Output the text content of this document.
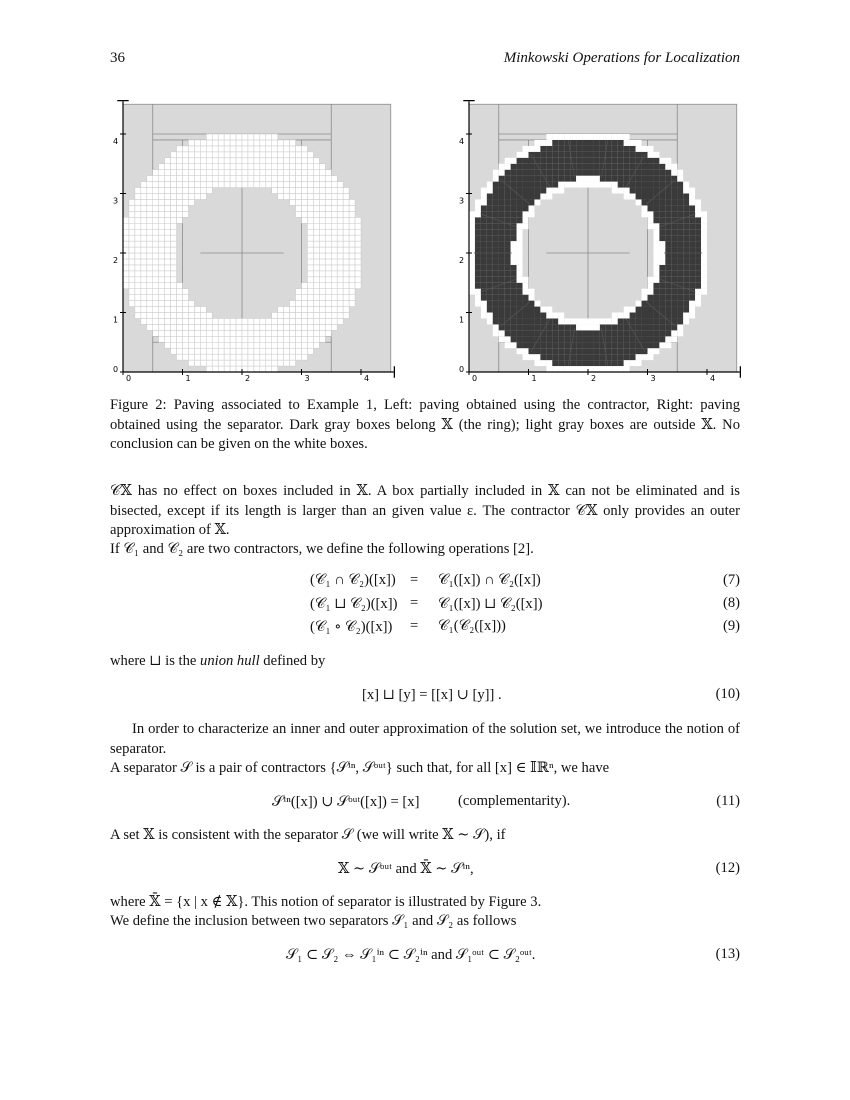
36	Minkowski Operations for Localization
0	1	2	3	4
0
1
2
3
4
0	1	2	3	4
0
1
2
3
4
Figure 2: Paving associated to Example 1, Left: paving obtained using the contractor, Right: paving obtained using the separator. Dark gray boxes belong 𝕏 (the ring); light gray boxes are outside 𝕏. No conclusion can be given on the white boxes.
𝒞𝕏 has no effect on boxes included in 𝕏. A box partially included in 𝕏 can not be eliminated and is bisected, except if its length is larger than an given value ε. The contractor 𝒞𝕏 only provides an outer approximation of 𝕏.
If 𝒞₁ and 𝒞₂ are two contractors, we define the following operations [2].
(𝒞₁ ∩ 𝒞₂)([x]) = 𝒞₁([x]) ∩ 𝒞₂([x])	(7)
(𝒞₁ ⊔ 𝒞₂)([x]) = 𝒞₁([x]) ⊔ 𝒞₂([x])	(8)
(𝒞₁ ∘ 𝒞₂)([x]) = 𝒞₁(𝒞₂([x]))	(9)
where ⊔ is the union hull defined by
[x] ⊔ [y] = [[x] ∪ [y]] .	(10)
In order to characterize an inner and outer approximation of the solution set, we introduce the notion of separator.
A separator 𝒮 is a pair of contractors {𝒮ⁱⁿ, 𝒮ᵒᵘᵗ} such that, for all [x] ∈ 𝕀ℝⁿ, we have
𝒮ⁱⁿ([x]) ∪ 𝒮ᵒᵘᵗ([x]) = [x]	(complementarity).	(11)
A set 𝕏 is consistent with the separator 𝒮 (we will write 𝕏 ∼ 𝒮), if
𝕏 ∼ 𝒮ᵒᵘᵗ and 𝕏̄ ∼ 𝒮ⁱⁿ,	(12)
where 𝕏̄ = {x | x ∉ 𝕏}. This notion of separator is illustrated by Figure 3.
We define the inclusion between two separators 𝒮₁ and 𝒮₂ as follows
𝒮₁ ⊂ 𝒮₂ ⇔ 𝒮₁ⁱⁿ ⊂ 𝒮₂ⁱⁿ and 𝒮₁ᵒᵘᵗ ⊂ 𝒮₂ᵒᵘᵗ.	(13)
